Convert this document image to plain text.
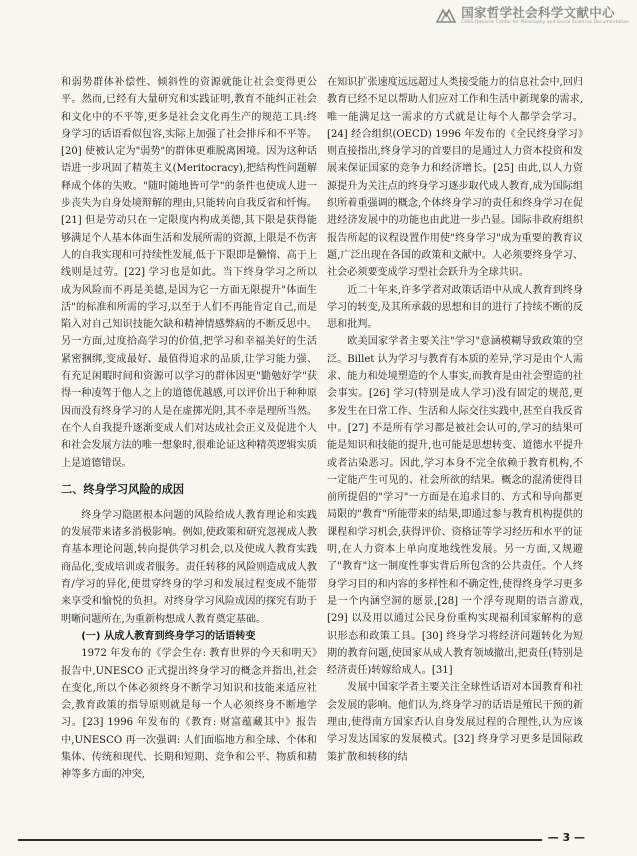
国家哲学社会科学文献中心
CHSS National Center for Philosophy and Social Sciences Documentation

和弱势群体补偿性、倾斜性的资源就能让社会变得更公平。然而,已经有大量研究和实践证明,教育不能纠正社会和文化中的不平等,更多是社会文化再生产的规范工具:终身学习的话语看似包容,实际上加强了社会排斥和不平等。[20] 使被认定为"弱势"的群体更难脱离困境。因为这种话语进一步巩固了精英主义(Meritocracy),把结构性问题解释成个体的失败。"随时随地皆可学"的条件也使成人进一步丧失为自身处境辩解的理由,只能转向自我反省和忏悔。[21] 但是劳动只在一定限度内构成美德,其下限是获得能够满足个人基本体面生活和发展所需的资源,上限是不伤害人的自我实现和可持续性发展,低于下限即是懒惰、高于上线则是过劳。[22] 学习也是如此。当下终身学习之所以成为风险而不再是美德,是因为它一方面无限提升"体面生活"的标准和所需的学习,以至于人们不再能肯定自己,而是陷入对自己知识技能欠缺和精神情感弊病的不断反思中。另一方面,过度拾高学习的价值,把学习和幸福美好的生活紧密捆绑,变成最好、最值得追求的品质,让学习能力强、有充足闲暇时间和资源可以学习的群体因更"勤勉好学"获得一种凌驾于他人之上的道德优越感,可以评价出于种种原因而没有终身学习的人是在虚掷光阴,其不幸是理所当然。在个人自我提升逐渐变成人们对达成社会正义及促进个人和社会发展方法的唯一想象时,很难论证这种精英逻辑实质上是道德错误。

二、终身学习风险的成因

终身学习隐匿根本问题的风险给成人教育理论和实践的发展带来诸多消极影响。例如,使政策和研究忽视成人教育基本理论问题,转向提供学习机会,以及使成人教育实践商品化,变成培训或者服务。责任转移的风险则造成成人教育/学习的异化,使贯穿终身的学习和发展过程变成不能带来享受和愉悦的负担。对终身学习风险成因的探究有助于明晰问题所在,为重新构想成人教育奠定基础。

(一) 从成人教育到终身学习的话语转变

1972 年发布的《学会生存: 教育世界的今天和明天》报告中,UNESCO 正式提出终身学习的概念并指出,社会在变化,所以个体必须终身不断学习知识和技能来适应社会,教育政策的指导原则就是每一个人必须终身不断地学习。[23] 1996 年发布的《教育: 财富蕴藏其中》报告中,UNESCO 再一次强调: 人们面临地方和全球、个体和集体、传统和现代、长期和短期、竞争和公平、物质和精神等多方面的冲突,

在知识扩张速度远远超过人类接受能力的信息社会中,回归教育已经不足以帮助人们应对工作和生活中新现象的需求,唯一能满足这一需求的方式就是让每个人都学会学习。[24] 经合组织(OECD) 1996 年发布的《全民终身学习》则直接指出,终身学习的首要目的是通过人力资本投资和发展来保证国家的竞争力和经济增长。[25] 由此,以人力资源提升为关注点的终身学习逐步取代成人教育,成为国际组织所着重强调的概念,个体终身学习的责任和终身学习在促进经济发展中的功能也由此进一步凸显。国际非政府组织报告所起的议程设置作用使"终身学习"成为重要的教育议题,广泛出现在各国的政策和文献中。人必须要终身学习、社会必须要变成学习型社会跃升为全球共识。

近二十年来,许多学者对政策话语中从成人教育到终身学习的转变,及其所承载的思想和目的进行了持续不断的反思和批判。

欧美国家学者主要关注"学习"意涵模糊导致政策的空泛。Billet 认为学习与教育有本质的差异,学习是由个人需求、能力和处境塑造的个人事实,而教育是由社会塑造的社会事实。[26] 学习(特别是成人学习)没有固定的规范,更多发生在日常工作、生活和人际交往实践中,甚至自我反省中。[27] 不是所有学习都是被社会认可的,学习的结果可能是知识和技能的提升,也可能是思想转变、道德水平提升或者沾染恶习。因此,学习本身不完全依赖于教育机构,不一定能产生可见的、社会所欲的结果。概念的混淆使得目前所提倡的"学习"一方面是在追求目的、方式和导向都更局限的"教育"所能带来的结果,即通过参与教育机构提供的课程和学习机会,获得评价、资格证等学习经历和水平的证明,在人力资本上单向度地线性发展。另一方面,又规避了"教育"这一制度性事实背后所包含的公共责任。个人终身学习目的和内容的多样性和不确定性,使得终身学习更多是一个内涵空洞的愿景,[28] 一个浮夸现期的语言游戏,[29] 以及用以通过公民身份重构实现福利国家解构的意识形态和政策工具。[30] 终身学习将经济问题转化为短期的教育问题,使国家从成人教育领域撤出,把责任(特别是经济责任)转嫁给成人。[31]

发展中国家学者主要关注全球性话语对本国教育和社会发展的影响。他们认为,终身学习的话语是殖民干预的新理由,使得南方国家否认自身发展过程的合理性,认为应该学习发达国家的发展模式。[32] 终身学习更多是国际政策扩散和转移的结

— 3 —
